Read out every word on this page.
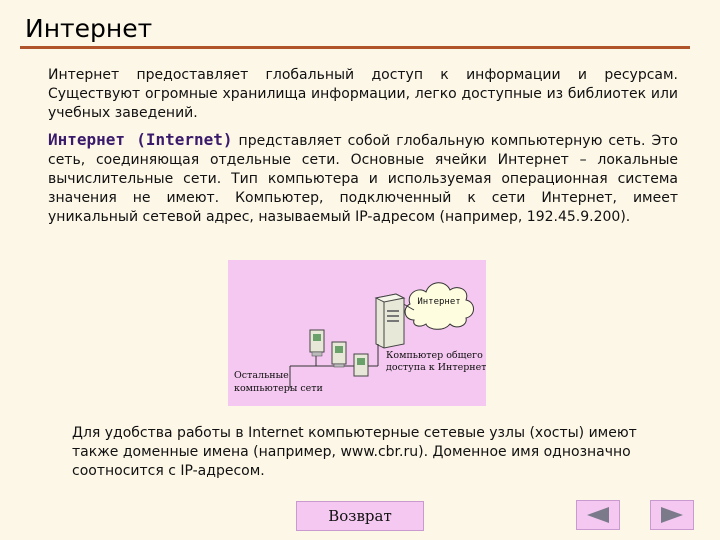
Интернет
Интернет предоставляет глобальный доступ к информации и ресурсам. Существуют огромные хранилища информации, легко доступные из библиотек или учебных заведений.
Интернет (Internet) представляет собой глобальную компьютерную сеть. Это сеть, соединяющая отдельные сети. Основные ячейки Интернет – локальные вычислительные сети. Тип компьютера и используемая операционная система значения не имеют. Компьютер, подключенный к сети Интернет, имеет уникальный сетевой адрес, называемый IP-адресом (например, 192.45.9.200).
Интернет
Компьютер общего
доступа к Интернет
Остальные
компьютеры сети
Для удобства работы в Internet компьютерные сетевые узлы (хосты) имеют также доменные имена (например, www.cbr.ru). Доменное имя однозначно соотносится с IP-адресом.
Возврат
